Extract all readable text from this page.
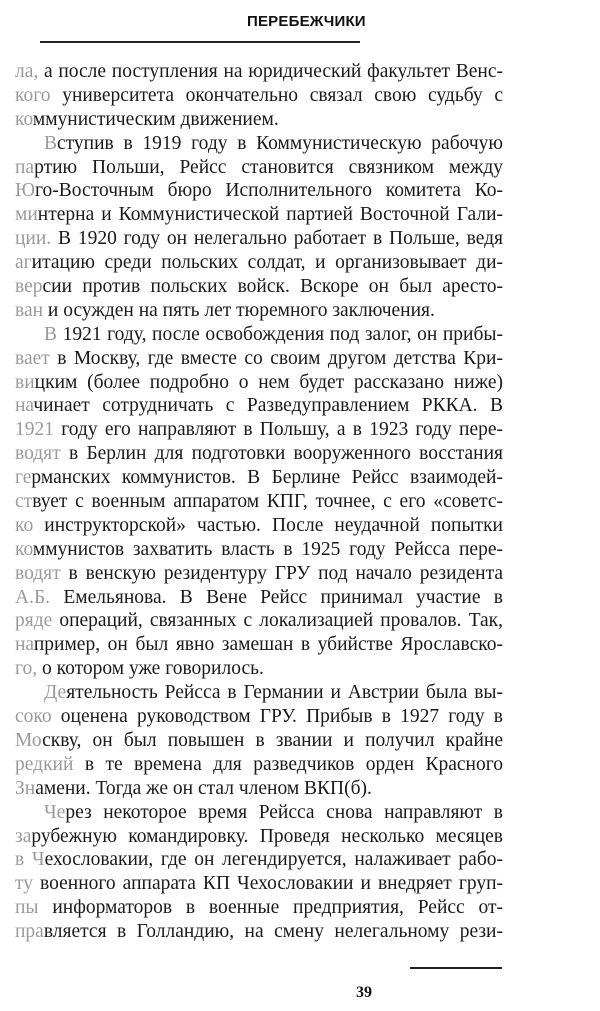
ПЕРЕБЕЖЧИКИ
ла, а после поступления на юридический факультет Венс-
кого университета окончательно связал свою судьбу с
коммунистическим движением.
Вступив в 1919 году в Коммунистическую рабочую
партию Польши, Рейсс становится связником между
Юго-Восточным бюро Исполнительного комитета Ко-
минтерна и Коммунистической партией Восточной Гали-
ции. В 1920 году он нелегально работает в Польше, ведя
агитацию среди польских солдат, и организовывает ди-
версии против польских войск. Вскоре он был аресто-
ван и осужден на пять лет тюремного заключения.
В 1921 году, после освобождения под залог, он прибы-
вает в Москву, где вместе со своим другом детства Кри-
вицким (более подробно о нем будет рассказано ниже)
начинает сотрудничать с Разведуправлением РККА. В
1921 году его направляют в Польшу, а в 1923 году пере-
водят в Берлин для подготовки вооруженного восстания
германских коммунистов. В Берлине Рейсс взаимодей-
ствует с военным аппаратом КПГ, точнее, с его «советс-
ко инструкторской» частью. После неудачной попытки
коммунистов захватить власть в 1925 году Рейсса пере-
водят в венскую резидентуру ГРУ под начало резидента
А.Б. Емельянова. В Вене Рейсс принимал участие в
ряде операций, связанных с локализацией провалов. Так,
например, он был явно замешан в убийстве Ярославско-
го, о котором уже говорилось.
Деятельность Рейсса в Германии и Австрии была вы-
соко оценена руководством ГРУ. Прибыв в 1927 году в
Москву, он был повышен в звании и получил крайне
редкий в те времена для разведчиков орден Красного
Знамени. Тогда же он стал членом ВКП(б).
Через некоторое время Рейсса снова направляют в
зарубежную командировку. Проведя несколько месяцев
в Чехословакии, где он легендируется, налаживает рабо-
ту военного аппарата КП Чехословакии и внедряет груп-
пы информаторов в военные предприятия, Рейсс от-
правляется в Голландию, на смену нелегальному рези-
39
